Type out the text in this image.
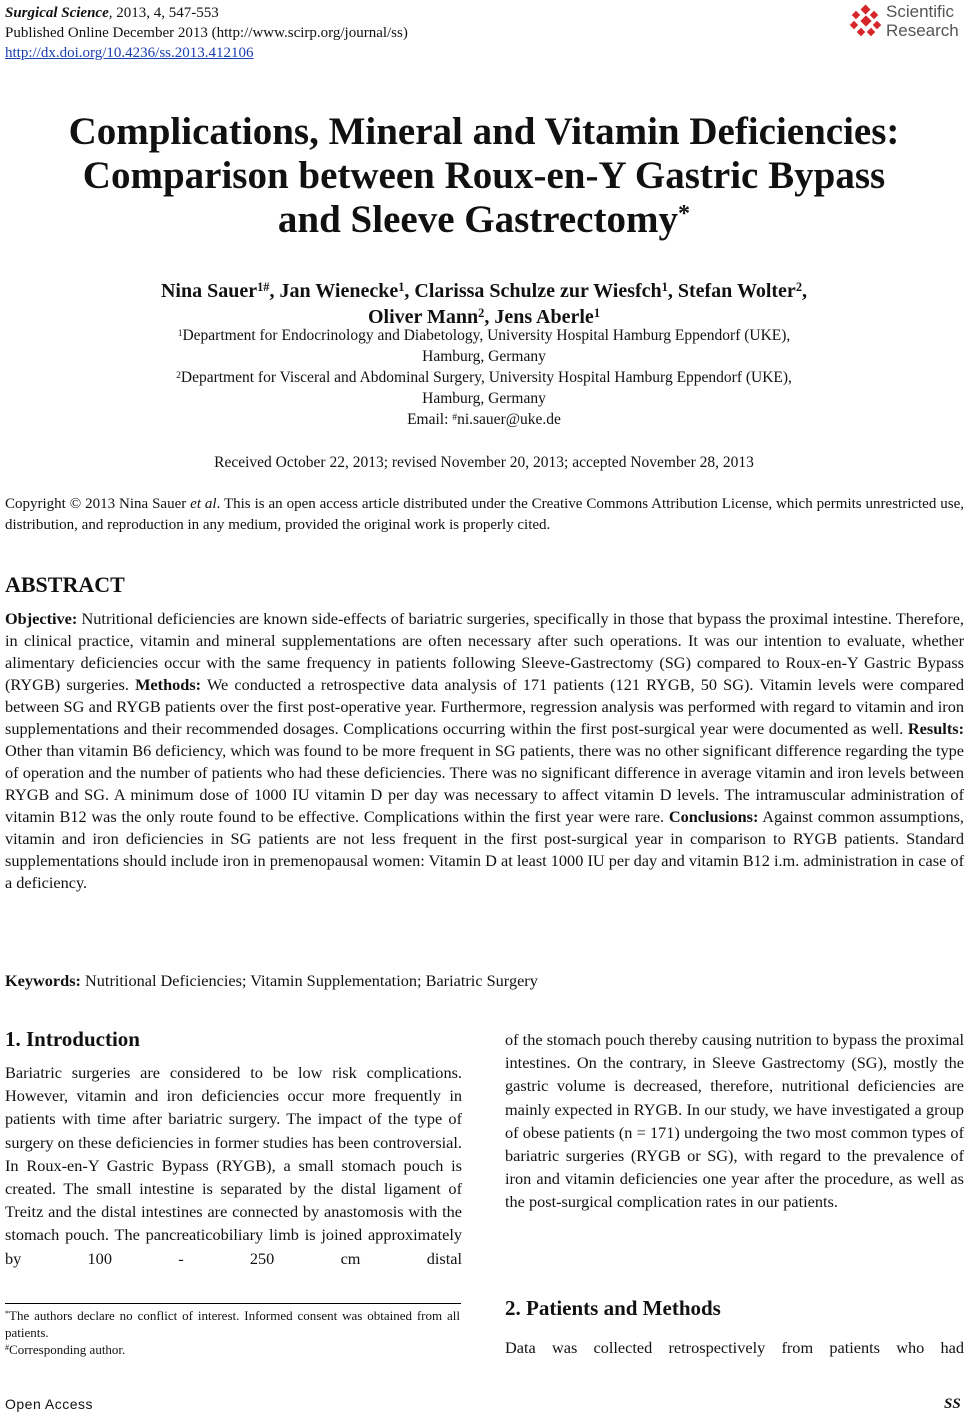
Surgical Science, 2013, 4, 547-553
Published Online December 2013 (http://www.scirp.org/journal/ss)
http://dx.doi.org/10.4236/ss.2013.412106
Scientific
Research
Complications, Mineral and Vitamin Deficiencies:
Comparison between Roux-en-Y Gastric Bypass
and Sleeve Gastrectomy*
Nina Sauer$^{1\#}$, Jan Wienecke$^1$, Clarissa Schulze zur Wiesfch$^1$, Stefan Wolter$^2$,
Oliver Mann$^2$, Jens Aberle$^1$
$^1$Department for Endocrinology and Diabetology, University Hospital Hamburg Eppendorf (UKE),
Hamburg, Germany
$^2$Department for Visceral and Abdominal Surgery, University Hospital Hamburg Eppendorf (UKE),
Hamburg, Germany
Email: #ni.sauer@uke.de
Received October 22, 2013; revised November 20, 2013; accepted November 28, 2013
Copyright © 2013 Nina Sauer et al. This is an open access article distributed under the Creative Commons Attribution License, which permits unrestricted use, distribution, and reproduction in any medium, provided the original work is properly cited.
ABSTRACT
Objective: Nutritional deficiencies are known side-effects of bariatric surgeries, specifically in those that bypass the proximal intestine. Therefore, in clinical practice, vitamin and mineral supplementations are often necessary after such operations. It was our intention to evaluate, whether alimentary deficiencies occur with the same frequency in patients following Sleeve-Gastrectomy (SG) compared to Roux-en-Y Gastric Bypass (RYGB) surgeries. Methods: We conducted a retrospective data analysis of 171 patients (121 RYGB, 50 SG). Vitamin levels were compared between SG and RYGB patients over the first post-operative year. Furthermore, regression analysis was performed with regard to vitamin and iron supplementations and their recommended dosages. Complications occurring within the first post-surgical year were documented as well. Results: Other than vitamin B6 deficiency, which was found to be more frequent in SG patients, there was no other significant difference regarding the type of operation and the number of patients who had these deficiencies. There was no significant difference in average vitamin and iron levels between RYGB and SG. A minimum dose of 1000 IU vitamin D per day was necessary to affect vitamin D levels. The intramuscular administration of vitamin B12 was the only route found to be effective. Complications within the first year were rare. Conclusions: Against common assumptions, vitamin and iron deficiencies in SG patients are not less frequent in the first post-surgical year in comparison to RYGB patients. Standard supplementations should include iron in premenopausal women: Vitamin D at least 1000 IU per day and vitamin B12 i.m. administration in case of a deficiency.
Keywords: Nutritional Deficiencies; Vitamin Supplementation; Bariatric Surgery
1. Introduction
Bariatric surgeries are considered to be low risk complications. However, vitamin and iron deficiencies occur more frequently in patients with time after bariatric surgery. The impact of the type of surgery on these deficiencies in former studies has been controversial. In Roux-en-Y Gastric Bypass (RYGB), a small stomach pouch is created. The small intestine is separated by the distal ligament of Treitz and the distal intestines are connected by anastomosis with the stomach pouch. The pancreaticobiliary limb is joined approximately by 100 - 250 cm distal
of the stomach pouch thereby causing nutrition to bypass the proximal intestines. On the contrary, in Sleeve Gastrectomy (SG), mostly the gastric volume is decreased, therefore, nutritional deficiencies are mainly expected in RYGB. In our study, we have investigated a group of obese patients (n = 171) undergoing the two most common types of bariatric surgeries (RYGB or SG), with regard to the prevalence of iron and vitamin deficiencies one year after the procedure, as well as the post-surgical complication rates in our patients.
2. Patients and Methods
Data was collected retrospectively from patients who had
*The authors declare no conflict of interest. Informed consent was obtained from all patients.
#Corresponding author.
Open Access	SS
